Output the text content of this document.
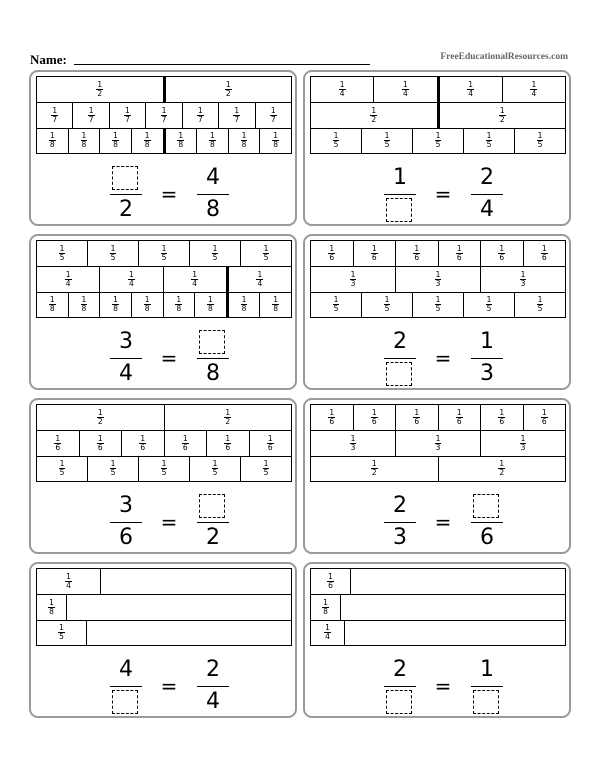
Name:	FreeEducationalResources.com
$\frac{1}{2}$	$\frac{1}{2}$
$\frac{1}{7}$	$\frac{1}{7}$	$\frac{1}{7}$	$\frac{1}{7}$	$\frac{1}{7}$	$\frac{1}{7}$	$\frac{1}{7}$
$\frac{1}{8}$	$\frac{1}{8}$	$\frac{1}{8}$	$\frac{1}{8}$	$\frac{1}{8}$	$\frac{1}{8}$	$\frac{1}{8}$	$\frac{1}{8}$
2
4
8
=
$\frac{1}{4}$	$\frac{1}{4}$	$\frac{1}{4}$	$\frac{1}{4}$
$\frac{1}{2}$	$\frac{1}{2}$
$\frac{1}{5}$	$\frac{1}{5}$	$\frac{1}{5}$	$\frac{1}{5}$	$\frac{1}{5}$
1	2
4
=
$\frac{1}{5}$	$\frac{1}{5}$	$\frac{1}{5}$	$\frac{1}{5}$	$\frac{1}{5}$
$\frac{1}{4}$	$\frac{1}{4}$	$\frac{1}{4}$	$\frac{1}{4}$
$\frac{1}{8}$	$\frac{1}{8}$	$\frac{1}{8}$	$\frac{1}{8}$	$\frac{1}{8}$	$\frac{1}{8}$	$\frac{1}{8}$	$\frac{1}{8}$
3
4	8
=
$\frac{1}{6}$	$\frac{1}{6}$	$\frac{1}{6}$	$\frac{1}{6}$	$\frac{1}{6}$	$\frac{1}{6}$
$\frac{1}{3}$	$\frac{1}{3}$	$\frac{1}{3}$
$\frac{1}{5}$	$\frac{1}{5}$	$\frac{1}{5}$	$\frac{1}{5}$	$\frac{1}{5}$
2	1
3
=
$\frac{1}{2}$	$\frac{1}{2}$
$\frac{1}{6}$	$\frac{1}{6}$	$\frac{1}{6}$	$\frac{1}{6}$	$\frac{1}{6}$	$\frac{1}{6}$
$\frac{1}{5}$	$\frac{1}{5}$	$\frac{1}{5}$	$\frac{1}{5}$	$\frac{1}{5}$
3
6	2
=
$\frac{1}{6}$	$\frac{1}{6}$	$\frac{1}{6}$	$\frac{1}{6}$	$\frac{1}{6}$	$\frac{1}{6}$
$\frac{1}{3}$	$\frac{1}{3}$	$\frac{1}{3}$
$\frac{1}{2}$	$\frac{1}{2}$
2
3	6
=
$\frac{1}{4}$
$\frac{1}{8}$
$\frac{1}{5}$
4	2
4
=
$\frac{1}{6}$
$\frac{1}{8}$
$\frac{1}{4}$
2	1
=
